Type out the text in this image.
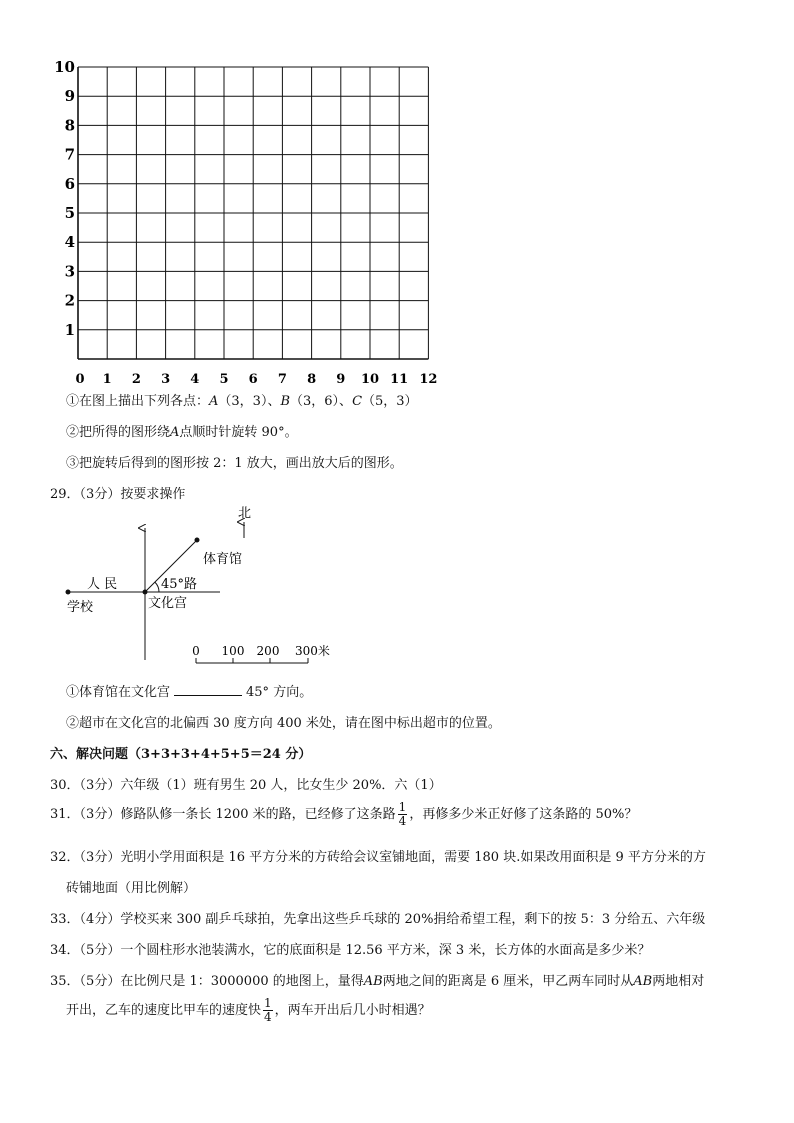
10
9
8
7
6
5
4
3
2
1
0 1 2 3 4 5 6 7 8 9 10 11 12
①在图上描出下列各点：A（3，3）、B（3，6）、C（5，3）
②把所得的图形绕A点顺时针旋转 90°。
③把旋转后得到的图形按 2：1 放大，画出放大后的图形。
29．（3分）按要求操作
北
体育馆
人 民	45°路
学校	文化宫
0 100 200 300米
①体育馆在文化宫	45° 方向。
②超市在文化宫的北偏西 30 度方向 400 米处，请在图中标出超市的位置。
六、解决问题（3+3+3+4+5+5＝24 分）
30．（3分）六年级（1）班有男生 20 人，比女生少 20%．六（1）
31．（3分）修路队修一条长 1200 米的路，已经修了这条路 $\frac{1}{4}$ ，再修多少米正好修了这条路的 50%？
32．（3分）光明小学用面积是 16 平方分米的方砖给会议室铺地面，需要 180 块.如果改用面积是 9 平方分米的方
砖铺地面（用比例解）
33．（4分）学校买来 300 副乒乓球拍，先拿出这些乒乓球的 20%捐给希望工程，剩下的按 5：3 分给五、六年级
34．（5分）一个圆柱形水池装满水，它的底面积是 12.56 平方米，深 3 米，长方体的水面高是多少米？
35．（5分）在比例尺是 1：3000000 的地图上，量得AB两地之间的距离是 6 厘米，甲乙两车同时从AB两地相对
开出，乙车的速度比甲车的速度快 $\frac{1}{4}$ ，两车开出后几小时相遇？
